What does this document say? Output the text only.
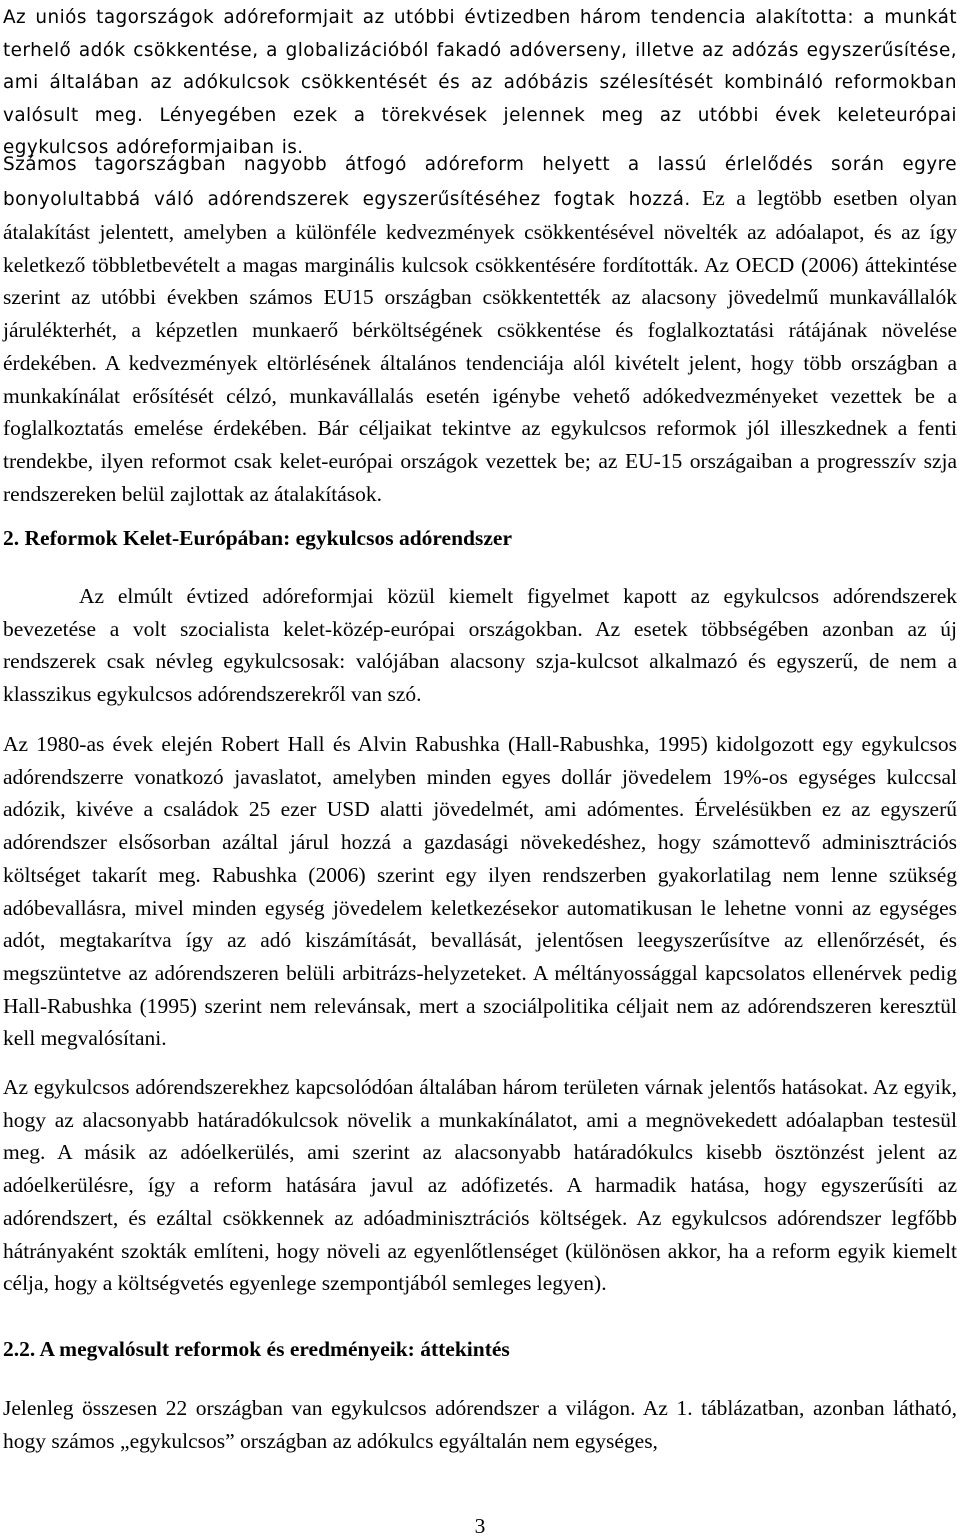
Az uniós tagországok adóreformjait az utóbbi évtizedben három tendencia alakította: a munkát terhelő adók csökkentése, a globalizációból fakadó adóverseny, illetve az adózás egyszerűsítése, ami általában az adókulcsok csökkentését és az adóbázis szélesítését kombináló reformokban valósult meg. Lényegében ezek a törekvések jelennek meg az utóbbi évek keleteurópai egykulcsos adóreformjaiban is.

Számos tagországban nagyobb átfogó adóreform helyett a lassú érlelődés során egyre bonyolultabbá váló adórendszerek egyszerűsítéséhez fogtak hozzá. Ez a legtöbb esetben olyan átalakítást jelentett, amelyben a különféle kedvezmények csökkentésével növelték az adóalapot, és az így keletkező többletbevételt a magas marginális kulcsok csökkentésére fordították. Az OECD (2006) áttekintése szerint az utóbbi években számos EU15 országban csökkentették az alacsony jövedelmű munkavállalók járulékterhét, a képzetlen munkaerő bérköltségének csökkentése és foglalkoztatási rátájának növelése érdekében. A kedvezmények eltörlésének általános tendenciája alól kivételt jelent, hogy több országban a munkakínálat erősítését célzó, munkavállalás esetén igénybe vehető adókedvezményeket vezettek be a foglalkoztatás emelése érdekében. Bár céljaikat tekintve az egykulcsos reformok jól illeszkednek a fenti trendekbe, ilyen reformot csak kelet-európai országok vezettek be; az EU-15 országaiban a progresszív szja rendszereken belül zajlottak az átalakítások.

2. Reformok Kelet-Európában: egykulcsos adórendszer

Az elmúlt évtized adóreformjai közül kiemelt figyelmet kapott az egykulcsos adórendszerek bevezetése a volt szocialista kelet-közép-európai országokban. Az esetek többségében azonban az új rendszerek csak névleg egykulcsosak: valójában alacsony szja-kulcsot alkalmazó és egyszerű, de nem a klasszikus egykulcsos adórendszerekről van szó.

Az 1980-as évek elején Robert Hall és Alvin Rabushka (Hall-Rabushka, 1995) kidolgozott egy egykulcsos adórendszerre vonatkozó javaslatot, amelyben minden egyes dollár jövedelem 19%-os egységes kulccsal adózik, kivéve a családok 25 ezer USD alatti jövedelmét, ami adómentes. Érvelésükben ez az egyszerű adórendszer elsősorban azáltal járul hozzá a gazdasági növekedéshez, hogy számottevő adminisztrációs költséget takarít meg. Rabushka (2006) szerint egy ilyen rendszerben gyakorlatilag nem lenne szükség adóbevallásra, mivel minden egység jövedelem keletkezésekor automatikusan le lehetne vonni az egységes adót, megtakarítva így az adó kiszámítását, bevallását, jelentősen leegyszerűsítve az ellenőrzését, és megszüntetve az adórendszeren belüli arbitrázs-helyzeteket. A méltányossággal kapcsolatos ellenérvek pedig Hall-Rabushka (1995) szerint nem relevánsak, mert a szociálpolitika céljait nem az adórendszeren keresztül kell megvalósítani.

Az egykulcsos adórendszerekhez kapcsolódóan általában három területen várnak jelentős hatásokat. Az egyik, hogy az alacsonyabb határadókulcsok növelik a munkakínálatot, ami a megnövekedett adóalapban testesül meg. A másik az adóelkerülés, ami szerint az alacsonyabb határadókulcs kisebb ösztönzést jelent az adóelkerülésre, így a reform hatására javul az adófizetés. A harmadik hatása, hogy egyszerűsíti az adórendszert, és ezáltal csökkennek az adóadminisztrációs költségek. Az egykulcsos adórendszer legfőbb hátrányaként szokták említeni, hogy növeli az egyenlőtlenséget (különösen akkor, ha a reform egyik kiemelt célja, hogy a költségvetés egyenlege szempontjából semleges legyen).

2.2. A megvalósult reformok és eredményeik: áttekintés

Jelenleg összesen 22 országban van egykulcsos adórendszer a világon. Az 1. táblázatban, azonban látható, hogy számos „egykulcsos” országban az adókulcs egyáltalán nem egységes,

3
